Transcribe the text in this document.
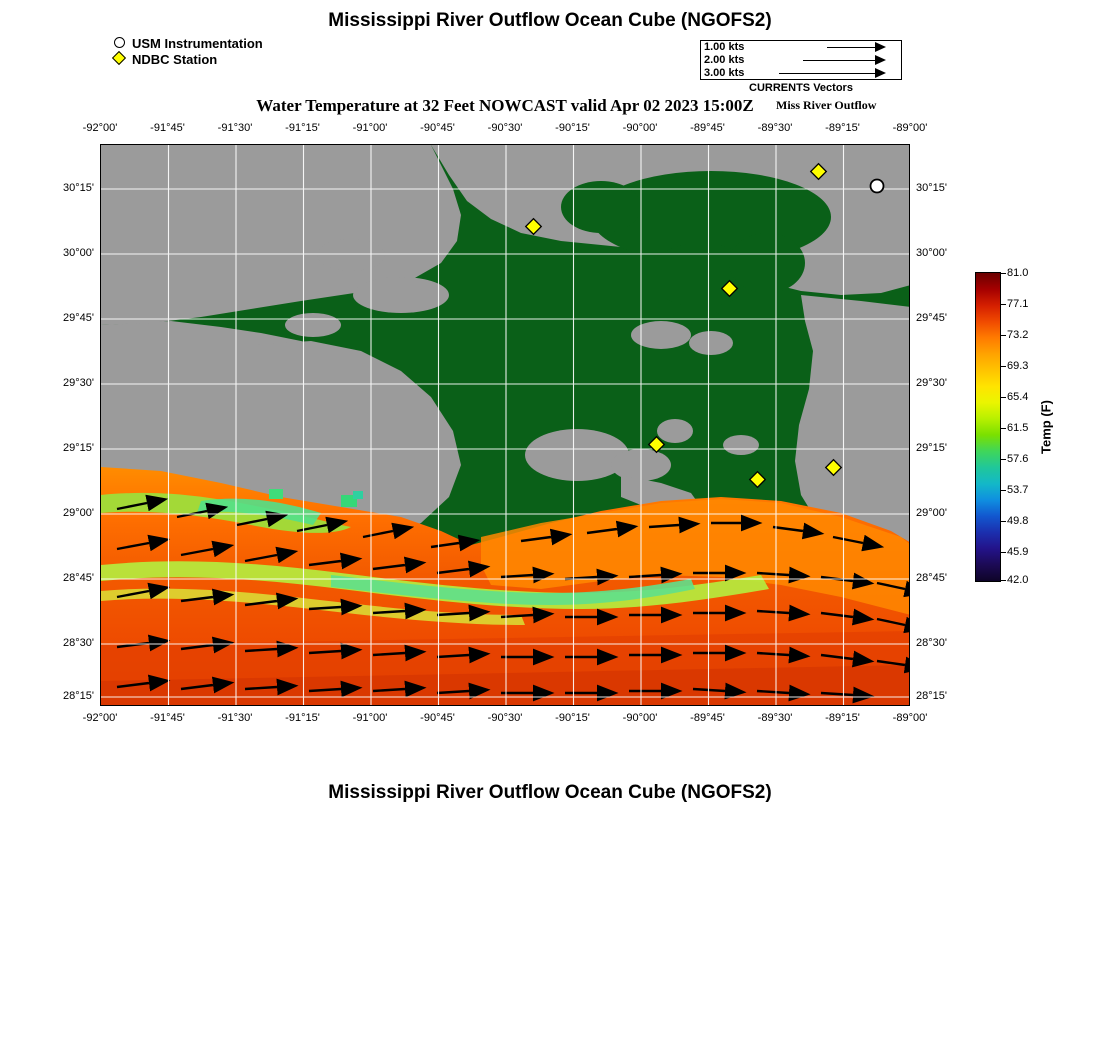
Mississippi River Outflow Ocean Cube (NGOFS2)
USM Instrumentation
NDBC Station
1.00 kts
2.00 kts
3.00 kts
CURRENTS Vectors
Water Temperature at 32 Feet NOWCAST valid Apr 02 2023 15:00Z	Miss River Outflow
-92°00'	-91°45'	-91°30'	-91°15'	-91°00'	-90°45'	-90°30'	-90°15'	-90°00'	-89°45'	-89°30'	-89°15'	-89°00'
-92°00'	-91°45'	-91°30'	-91°15'	-91°00'	-90°45'	-90°30'	-90°15'	-90°00'	-89°45'	-89°30'	-89°15'	-89°00'
30°15'
30°00'
29°45'
29°30'
29°15'
29°00'
28°45'
28°30'
28°15'
30°15'
30°00'
29°45'
29°30'
29°15'
29°00'
28°45'
28°30'
28°15'
81.0
77.1
73.2
69.3
65.4
61.5
57.6
53.7
49.8
45.9
42.0
Temp (F)
Mississippi River Outflow Ocean Cube (NGOFS2)
